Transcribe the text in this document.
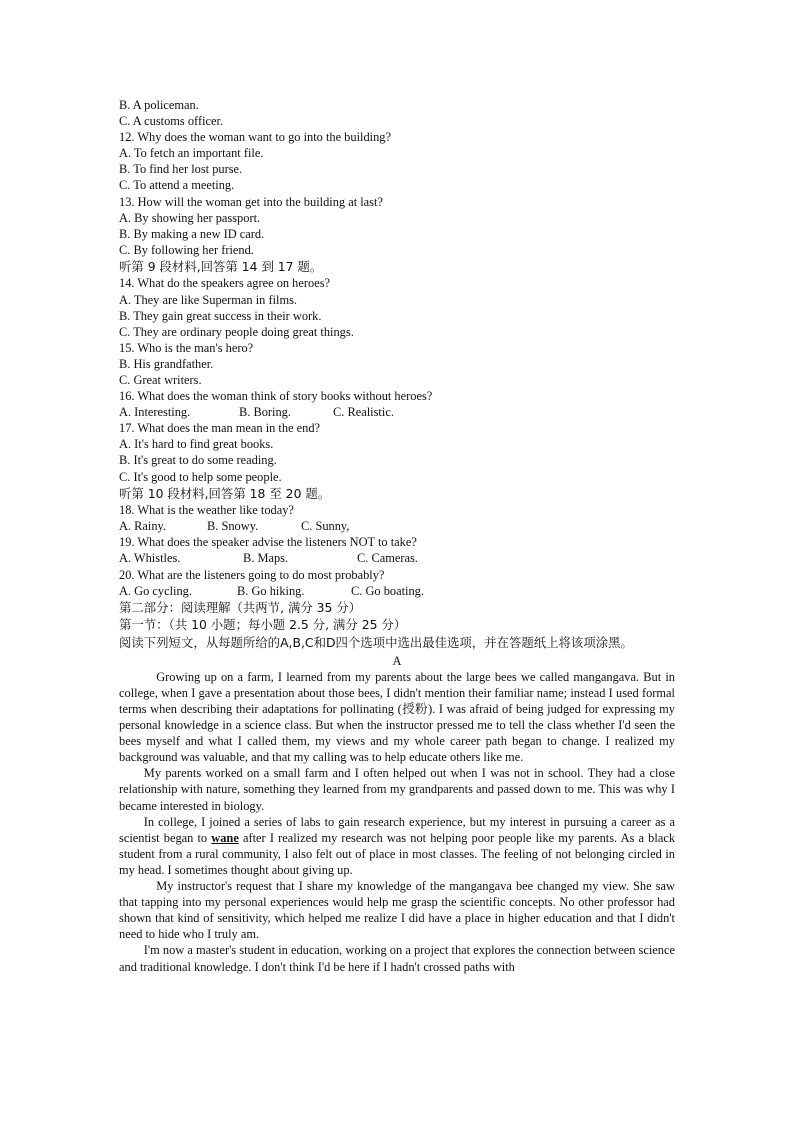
B. A policeman.
C. A customs officer.
12. Why does the woman want to go into the building?
A. To fetch an important file.
B. To find her lost purse.
C. To attend a meeting.
13. How will the woman get into the building at last?
A. By showing her passport.
B. By making a new ID card.
C. By following her friend.
听第 9 段材料,回答第 14 到 17 题。
14. What do the speakers agree on heroes?
A. They are like Superman in films.
B. They gain great success in their work.
C. They are ordinary people doing great things.
15. Who is the man's hero?
B. His grandfather.
C. Great writers.
16. What does the woman think of story books without heroes?
A. Interesting.	B. Boring.	C. Realistic.
17. What does the man mean in the end?
A. It's hard to find great books.
B. It's great to do some reading.
C. It's good to help some people.
听第 10 段材料,回答第 18 至 20 题。
18. What is the weather like today?
A. Rainy.	B. Snowy.	C. Sunny,
19. What does the speaker advise the listeners NOT to take?
A. Whistles.	B. Maps.	C. Cameras.
20. What are the listeners going to do most probably?
A. Go cycling.	B. Go hiking.	C. Go boating.
第二部分：阅读理解（共两节, 满分 35 分）
第一节：（共 10 小题；每小题 2.5 分, 满分 25 分）
阅读下列短文，从每题所给的A,B,C和D四个选项中选出最佳选项，并在答题纸上将该项涂黑。
A

Growing up on a farm, I learned from my parents about the large bees we called mangangava. But in college, when I gave a presentation about those bees, I didn't mention their familiar name; instead I used formal terms when describing their adaptations for pollinating (授粉). I was afraid of being judged for expressing my personal knowledge in a science class. But when the instructor pressed me to tell the class whether I'd seen the bees myself and what I called them, my views and my whole career path began to change. I realized my background was valuable, and that my calling was to help educate others like me.

My parents worked on a small farm and I often helped out when I was not in school. They had a close relationship with nature, something they learned from my grandparents and passed down to me. This was why I became interested in biology.

In college, I joined a series of labs to gain research experience, but my interest in pursuing a career as a scientist began to wane after I realized my research was not helping poor people like my parents. As a black student from a rural community, I also felt out of place in most classes. The feeling of not belonging circled in my head. I sometimes thought about giving up.

My instructor's request that I share my knowledge of the mangangava bee changed my view. She saw that tapping into my personal experiences would help me grasp the scientific concepts. No other professor had shown that kind of sensitivity, which helped me realize I did have a place in higher education and that I didn't need to hide who I truly am.

I'm now a master's student in education, working on a project that explores the connection between science and traditional knowledge. I don't think I'd be here if I hadn't crossed paths with
